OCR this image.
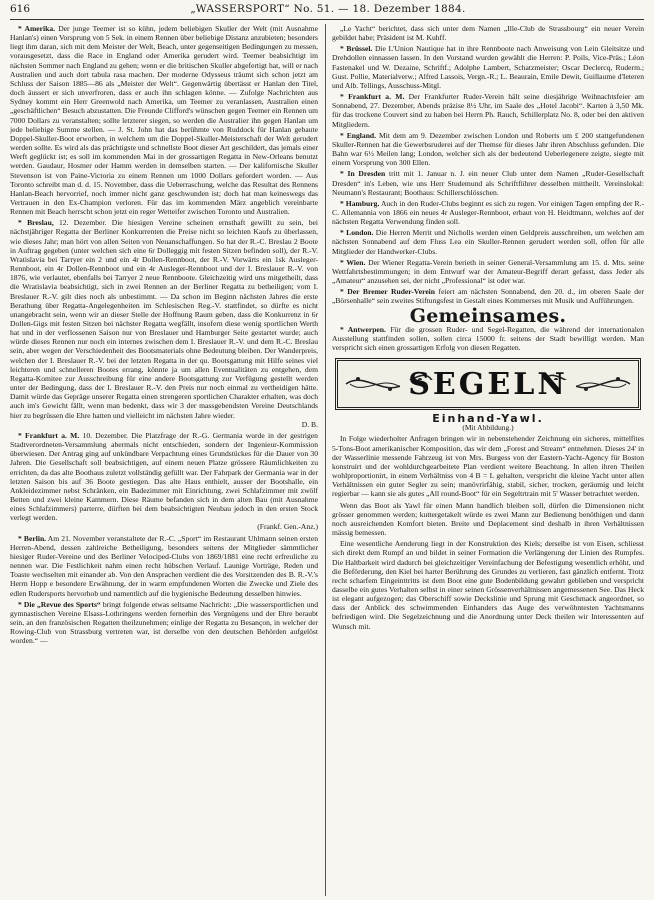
616	„WASSERSPORT“ No. 51. — 18. Dezember 1884.

* Amerika. Der junge Teemer ist so kühn, jedem beliebigen Skuller der Welt (mit Ausnahme Hanlan's) einen Vorsprung von 5 Sek. in einem Rennen über beliebige Distanz anzubieten; besonders liegt ihm daran, sich mit dem Meister der Welt, Beach, unter gegenseitigen Bedingungen zu messen, vorausgesetzt, dass die Race in England oder Amerika gerudert wird. Teemer beabsichtigt im nächsten Sommer nach England zu gehen; wenn er die britischen Skuller abgefertigt hat, will er nach Australien und auch dort tabula rasa machen. Der moderne Odysseus träumt sich schon jetzt am Schluss der Saison 1885—86 als „Meister der Welt“. Gegenwärtig übertässt er Hanlan den Titel, doch äussert er sich unverfroren, dass er auch ihn schlagen könne. — Zufolge Nachrichten aus Sydney kommt ein Herr Greenwold nach Amerika, um Teemer zu veranlassen, Australien einen „geschäftlichen“ Besuch abzustatten. Die Freunde Clifford's wünschen gegen Teemer ein Rennen um 7000 Dollars zu veranstalten; sollte letzterer siegen, so werden die Australier ihn gegen Hanlan um jede beliebige Summe stellen. — J. St. John hat das berühmte von Ruddock für Hanlan gebaute Doppel-Skuller-Boot erworben, in welchem um die Doppel-Skuller-Meisterschaft der Welt gerudert werden sollte. Es wird als das prächtigste und schnellste Boot dieser Art geschildert, das jemals einer Werft geglückt ist; es soll im kommenden Mai in der grossartigen Regatta in New-Orleans benutzt werden. Gaudaur, Hosmer oder Hamm werden in demselben starten. — Der kalifornische Skuller Stevenson ist von Paine-Victoria zu einem Rennen um 1000 Dollars gefordert worden. — Aus Toronto schreibt man d. d. 15. November, dass die Ueberraschung, welche das Resultat des Rennens Hanlan-Beach hervorrief, noch immer nicht ganz geschwunden ist; doch hat man keineswegs das Vertrauen in den Ex-Champion verloren. Für das im kommenden März angeblich vereinbarte Rennen mit Beach herrscht schon jetzt ein reger Wetteifer zwischen Toronto und Australien.

* Breslau, 12. Dezember. Die hiesigen Vereine scheinen ernsthaft gewillt zu sein, bei nächstjähriger Regatta der Berliner Konkurrenten die Preise nicht so leichten Kaufs zu überlassen, wie dieses Jahr; man hört von allen Seiten von Neuanschaffungen. So hat der R.-C. Breslau 2 Boote in Auftrag gegeben (unter welchen sich eine 6r Dolleggig mit festen Sitzen befinden soll), der R.-V. Wratislavia bei Tarryer ein 2 und ein 4r Dollen-Rennboot, der R.-V. Vorwärts ein 1sk Ausleger-Rennboot, ein 4r Dollen-Rennboot und ein 4r Ausleger-Rennboot und der I. Breslauer R.-V. von 1876, wie verlautet, ebenfalls bei Tarryer 2 neue Rennboote. Gleichzeitig wird uns mitgetheilt, dass die Wratislavia beabsichtigt, sich in zwei Rennen an der Berliner Regatta zu betheiligen; vom I. Breslauer R.-V. gilt dies noch als unbestimmt. — Da schon im Beginn nächsten Jahres die erste Berathung über Regatta-Angelegenheiten im Schlesischen Reg.-V. stattfindet, so dürfte es nicht unangebracht sein, wenn wir an dieser Stelle der Hoffnung Raum geben, dass die Konkurrenz in 6r Dollen-Gigs mit festen Sitzen bei nächster Regatta wegfällt, insofern diese wenig sportlichen Werth hat und in der verflossenen Saison nur von Breslauer und Hamburger Seite gestartet wurde; auch würde dieses Rennen nur noch ein internes zwischen dem I. Breslauer R.-V. und dem R.-C. Breslau sein, aber wegen der Verschiedenheit des Bootsmaterials ohne Bedeutung bleiben. Der Wanderpreis, welchen der I. Breslauer R.-V. bei der letzten Regatta in der qu. Bootsgattung mit Hilfe seines viel leichteren und schnelleren Bootes errang, könnte ja um allen Eventualitäten zu entgehen, dem Regatta-Komitee zur Ausschreibung für eine andere Bootsgattung zur Verfügung gestellt werden unter der Bedingung, dass der I. Breslauer R.-V. den Preis nur noch einmal zu vertheidigen hätte. Damit würde das Gepräge unserer Regatta einen strengeren sportlichen Charakter erhalten, was doch auch im's Gewicht fällt, wenn man bedenkt, dass wir 3 der massgebendsten Vereine Deutschlands hier zu begrüssen die Ehre hatten und vielleicht im nächsten Jahre wieder.
D. B.

* Frankfurt a. M. 10. Dezember. Die Platzfrage der R.-G. Germania wurde in der gestrigen Stadtverordneten-Versammlung abermals nicht entschieden, sondern der Ingenieur-Kommission überwiesen. Der Antrag ging auf unkündbare Verpachtung eines Grundstückes für die Dauer von 30 Jahren. Die Gesellschaft soll beabsichtigen, auf einem neuen Platze grössere Räumlichkeiten zu errichten, da das alte Boothaus zuletzt vollständig gefüllt war. Der Fahrpark der Germania war in der letzten Saison bis auf 36 Boote gestiegen. Das alte Haus enthielt, ausser der Bootshalle, ein Ankleidezimmer nebst Schränken, ein Badezimmer mit Einrichtung, zwei Schlafzimmer mit zwölf Betten und zwei kleine Kammern. Diese Räume befanden sich in dem alten Bau (mit Ausnahme eines Schlafzimmers) parterre, dürften bei dem beabsichtigten Neubau jedoch in den ersten Stock verlegt werden.
(Frankf. Gen.-Anz.)

* Berlin. Am 21. November veranstaltete der R.-C. „Sport“ im Restaurant Uhlmann seinen ersten Herren-Abend, dessen zahlreiche Betheiligung, besonders seitens der Mitglieder sämmtlicher hiesiger Ruder-Vereine und des Berliner Velociped-Clubs von 1869/1881 eine recht erfreuliche zu nennen war. Die Festlichkeit nahm einen recht hübschen Verlauf. Launige Vorträge, Reden und Toaste wechselten mit einander ab. Von den Ansprachen verdient die des Vorsitzenden des B. R.-V.'s Herrn Hopp e besondere Erwähnung, der in warm empfundenen Worten die Zwecke und Ziele des edlen Rudersports hervorhob und namentlich auf die hygienische Bedeutung desselben hinwies.

* Die „Revue des Sports“ bringt folgende etwas seltsame Nachricht: „Die wassersportlichen und gymnastischen Vereine Elsass-Lothringens werden fernerhin des Vergnügens und der Ehre beraubt sein, an den französischen Regatten theilzunehmen; einlige der Regatta zu Besançon, in welcher der Rowing-Club von Strassburg vertreten war, ist derselbe von den deutschen Behörden aufgelöst worden.“ —

„Le Yacht“ berichtet, dass sich unter dem Namen „Ille-Club de Strassbourg“ ein neuer Verein gebildet habe; Präsident ist M. Kuhff.

* Brüssel. Die L'Union Nautique hat in ihre Rennboote nach Anweisung von Lein Gleitsitze und Drehdollen einnassen lassen. In den Vorstand wurden gewählt die Herren: P. Poils, Vice-Präs.; Léon Fastenakel und W. Dezaine, Schriftf.; Adolphe Lambert, Schatzmeister; Oscar Declercq, Ruderm.; Gust. Pollie, Materialverw.; Alfred Lassois, Vergn.-R.; L. Beaurain, Emile Dewit, Guillaume d'Ieteren und Alb. Tellings, Ausschuss-Mitgl.

* Frankfurt a. M. Der Frankfurter Ruder-Verein hält seine diesjährige Weihnachtsfeier am Sonnabend, 27. Dezember, Abends präzise 8½ Uhr, im Saale des „Hotel Jacobi“. Karten à 3,50 Mk. für das trockene Couvert sind zu haben bei Herrn Ph. Rauch, Schillerplatz No. 8, oder bei den aktiven Mitgliedern.

* England. Mit dem am 9. Dezember zwischen London und Roberts um £ 200 stattgefundenen Skuller-Rennen hat die Gewerbsruderei auf der Themse für dieses Jahr ihren Abschluss gefunden. Die Bahn war 6½ Meilen lang; London, welcher sich als der bedeutend Ueberlegenere zeigte, siegte mit einem Vorsprung von 300 Ellen.

* In Dresden tritt mit 1. Januar n. J. ein neuer Club unter dem Namen „Ruder-Gesellschaft Dresden“ in's Leben, wie uns Herr Studemund als Schriftführer desselben mittheilt. Vereinslokal: Neumann's Restaurant; Boothaus: Schillerschlösschen.

* Hamburg. Auch in den Ruder-Clubs beginnt es sich zu regen. Vor einigen Tagen empfing der R.-C. Allemannia von 1866 ein neues 4r Ausleger-Rennboot, erbaut von H. Heidtmann, welches auf der nächsten Regatta Verwendung finden soll.

* London. Die Herren Merrit und Nicholls werden einen Geldpreis ausschreiben, um welchen am nächsten Sonnabend auf dem Fluss Lea ein Skuller-Rennen gerudert werden soll, offen für alle Mitglieder der Handwerker-Clubs.

* Wien. Der Wiener Regatta-Verein berieth in seiner General-Versammlung am 15. d. Mts. seine Wettfahrtsbestimmungen; in dem Entwurf war der Amateur-Begriff derart gefasst, dass Jeder als „Amateur“ anzusehen sei, der nicht „Professional“ ist oder war.

* Der Bremer Ruder-Verein feiert am nächsten Sonnabend, den 20. d., im oberen Saale der „Börsenhalle“ sein zweites Stiftungsfest in Gestalt eines Kommerses mit Musik und Aufführungen.

Gemeinsames.

* Antwerpen. Für die grossen Ruder- und Segel-Regatten, die während der internationalen Ausstellung stattfinden sollen, sollen circa 15000 fr. seitens der Stadt bewilligt werden. Man verspricht sich einen grossartigen Erfolg von diesen Regatten.

SEGELN
Einhand-Yawl.
(Mit Abbildung.)

In Folge wiederholter Anfragen bringen wir in nebenstehender Zeichnung ein sicheres, mittelfites 5-Tons-Boot amerikanischer Komposition, das wir dem „Forest and Stream“ entnehmen. Dieses 24' in der Wasserlinie messende Fahrzeug ist von Mrs. Burgess von der Eastern-Yacht-Agency für Boston konstruirt und der wohldurchgearbeitete Plan verdient weitere Beachtung. In allen ihren Theilen wohlproportionirt, in einem Verhältniss von 4 B = L gehalten, verspricht die kleine Yacht unter allen Verhältnissen ein guter Segler zu sein; manövrirfähig, stabil, sicher, trocken, geräumig und leicht regierbar — kann sie als gutes „All round-Boot“ für ein Segeltrtrain mit 5' Wasser betrachtet werden.

Wenn das Boot als Yawl für einen Mann handlich bleiben soll, dürfen die Dimensionen nicht grösser genommen werden; kuttergetakelt würde es zwei Mann zur Bedienung benöthigen und dann noch ausreichenden Komfort bieten. Breite und Deplacement sind deshalb in ihren Verhältnissen mässig bemessen.

Eine wesentliche Aenderung liegt in der Konstruktion des Kiels; derselbe ist von Eisen, schliesst sich direkt dem Rumpf an und bildet in seiner Formation die Verlängerung der Linien des Rumpfes. Die Haltbarkeit wird dadurch bei gleichzeitiger Vereinfachung der Befestigung wesentlich erhöht, und die Beförderung, den Kiel bei harter Berührung des Grundes zu verlieren, fast gänzlich entfernt. Trotz recht scharfem Eingeinttritts ist dem Boot eine gute Bodenbildung gewahrt geblieben und verspricht dasselbe ein gutes Verhalten selbst in einer seinen Grössenverhältnissen angemessenen See. Das Heck ist elegant aufgezogen; das Oberschiff sowie Deckslinie und Sprung mit Geschmack angeordnet, so dass der Anblick des schwimmenden Einhanders das Auge des verwöhntesten Yachtsmanns befriedigen wird. Die Segelzeichnung und die Anordnung unter Deck theilen wir Interessenten auf Wunsch mit.
